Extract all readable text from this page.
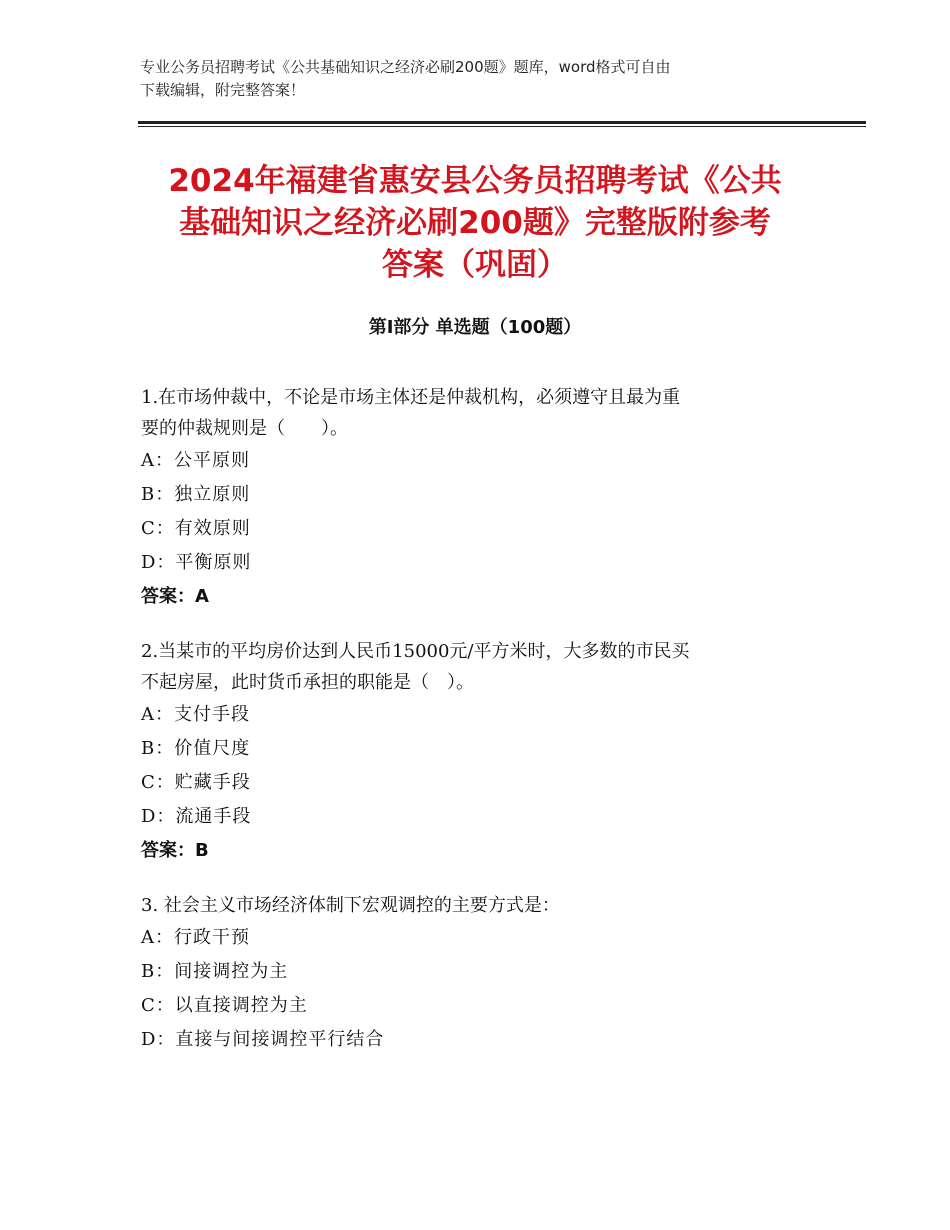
专业公务员招聘考试《公共基础知识之经济必刷200题》题库，word格式可自由
下载编辑，附完整答案！
2024年福建省惠安县公务员招聘考试《公共
基础知识之经济必刷200题》完整版附参考
答案（巩固）
第I部分 单选题（100题）

1.在市场仲裁中，不论是市场主体还是仲裁机构，必须遵守且最为重

要的仲裁规则是（　　）。

A：公平原则

B：独立原则

C：有效原则

D：平衡原则

答案：A

2.当某市的平均房价达到人民币15000元/平方米时，大多数的市民买

不起房屋，此时货币承担的职能是（　）。

A：支付手段

B：价值尺度

C：贮藏手段

D：流通手段

答案：B

3. 社会主义市场经济体制下宏观调控的主要方式是：

A：行政干预

B：间接调控为主

C：以直接调控为主

D：直接与间接调控平行结合
